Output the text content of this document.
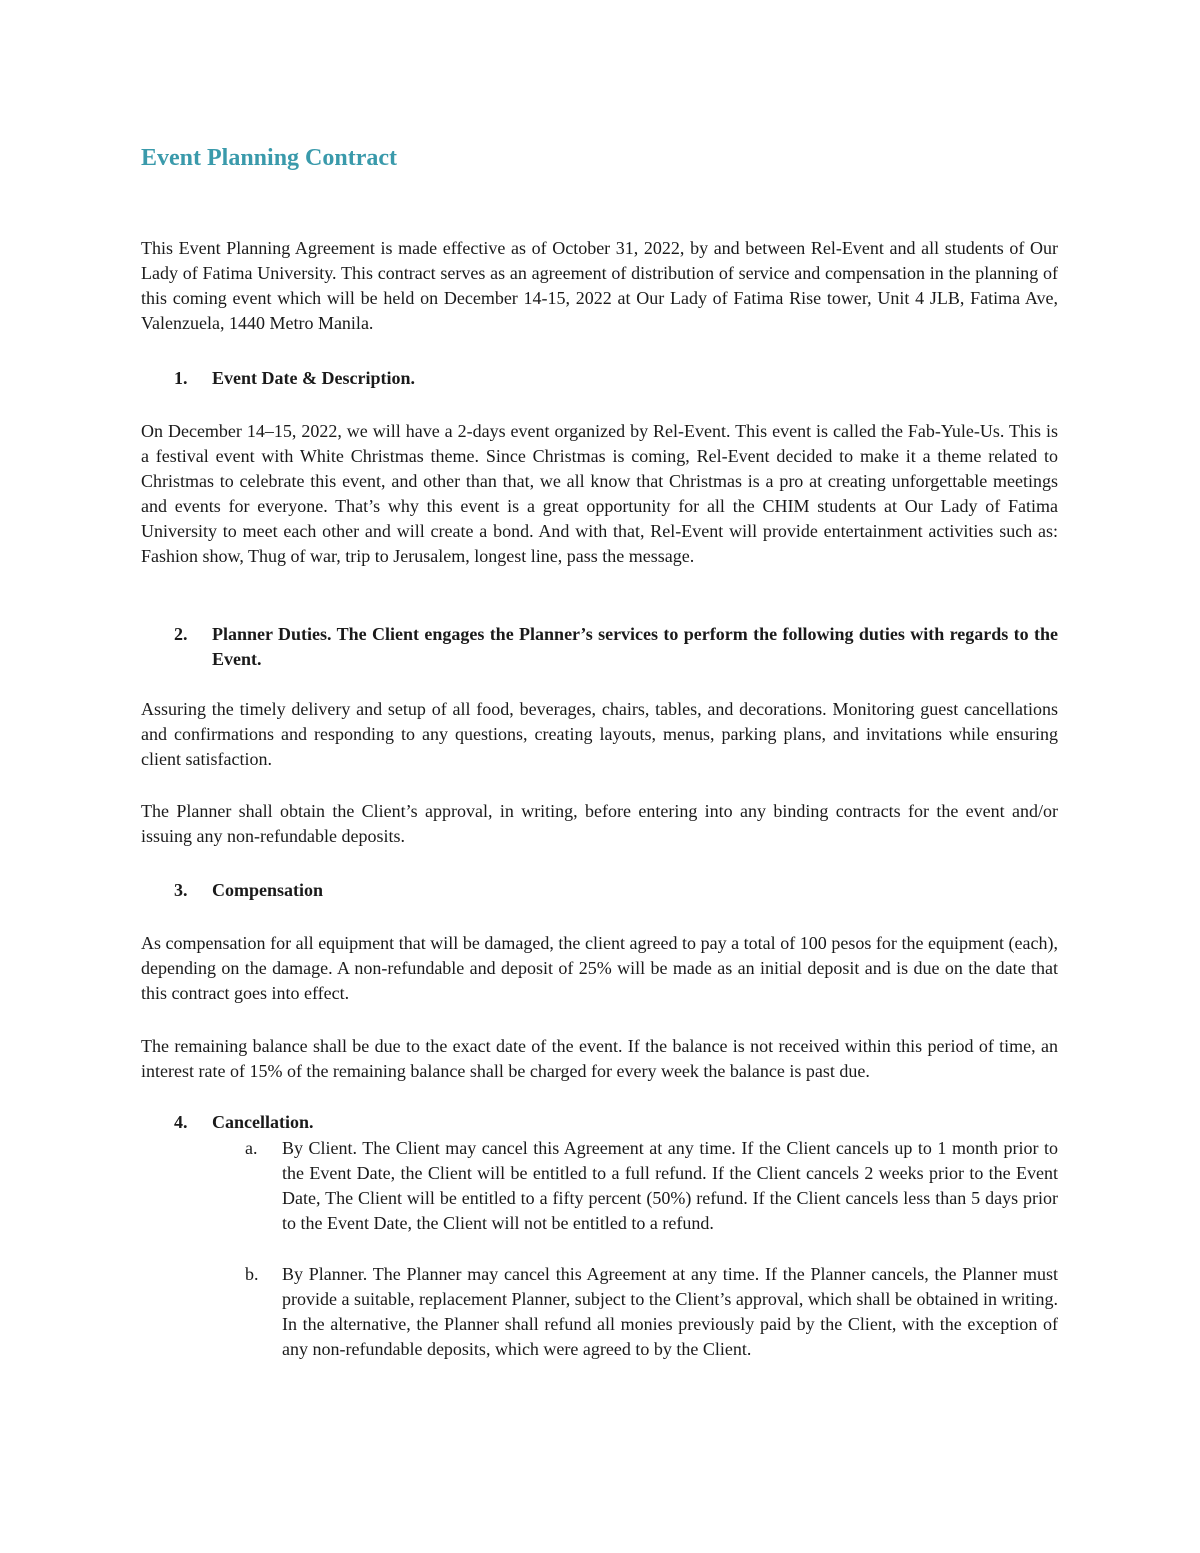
Event Planning Contract

This Event Planning Agreement is made effective as of October 31, 2022, by and between Rel-Event and all students of Our Lady of Fatima University. This contract serves as an agreement of distribution of service and compensation in the planning of this coming event which will be held on December 14-15, 2022 at Our Lady of Fatima Rise tower, Unit 4 JLB, Fatima Ave, Valenzuela, 1440 Metro Manila.

1. Event Date & Description.

On December 14–15, 2022, we will have a 2-days event organized by Rel-Event. This event is called the Fab-Yule-Us. This is a festival event with White Christmas theme. Since Christmas is coming, Rel-Event decided to make it a theme related to Christmas to celebrate this event, and other than that, we all know that Christmas is a pro at creating unforgettable meetings and events for everyone. That’s why this event is a great opportunity for all the CHIM students at Our Lady of Fatima University to meet each other and will create a bond. And with that, Rel-Event will provide entertainment activities such as: Fashion show, Thug of war, trip to Jerusalem, longest line, pass the message.

2. Planner Duties. The Client engages the Planner’s services to perform the following duties with regards to the Event.

Assuring the timely delivery and setup of all food, beverages, chairs, tables, and decorations. Monitoring guest cancellations and confirmations and responding to any questions, creating layouts, menus, parking plans, and invitations while ensuring client satisfaction.

The Planner shall obtain the Client’s approval, in writing, before entering into any binding contracts for the event and/or issuing any non-refundable deposits.

3. Compensation

As compensation for all equipment that will be damaged, the client agreed to pay a total of 100 pesos for the equipment (each), depending on the damage. A non-refundable and deposit of 25% will be made as an initial deposit and is due on the date that this contract goes into effect.

The remaining balance shall be due to the exact date of the event. If the balance is not received within this period of time, an interest rate of 15% of the remaining balance shall be charged for every week the balance is past due.

4. Cancellation.
a. By Client. The Client may cancel this Agreement at any time. If the Client cancels up to 1 month prior to the Event Date, the Client will be entitled to a full refund. If the Client cancels 2 weeks prior to the Event Date, The Client will be entitled to a fifty percent (50%) refund. If the Client cancels less than 5 days prior to the Event Date, the Client will not be entitled to a refund.
b. By Planner. The Planner may cancel this Agreement at any time. If the Planner cancels, the Planner must provide a suitable, replacement Planner, subject to the Client’s approval, which shall be obtained in writing. In the alternative, the Planner shall refund all monies previously paid by the Client, with the exception of any non-refundable deposits, which were agreed to by the Client.
